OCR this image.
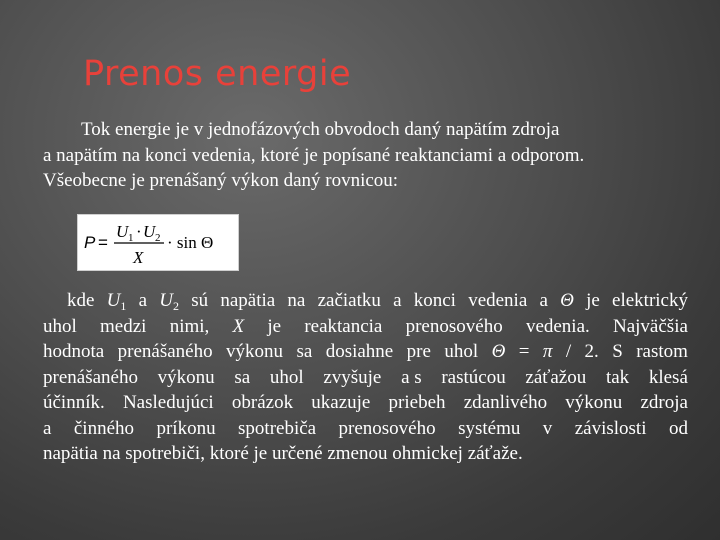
Prenos energie
Tok energie je v jednofázových obvodoch daný napätím zdroja
a napätím na konci vedenia, ktoré je popísané reaktanciami a odporom.
Všeobecne je prenášaný výkon daný rovnicou:
P =
U 1 · U 2
X
· sin Θ
kde $U_1$ a $U_2$ sú napätia na začiatku a konci vedenia a Θ je elektrický
uhol medzi nimi, X je reaktancia prenosového vedenia. Najväčšia
hodnota prenášaného výkonu sa dosiahne pre uhol Θ = π / 2. S rastom
prenášaného výkonu sa uhol zvyšuje a s rastúcou záťažou tak klesá
účinník. Nasledujúci obrázok ukazuje priebeh zdanlivého výkonu zdroja
a činného príkonu spotrebiča prenosového systému v závislosti od
napätia na spotrebiči, ktoré je určené zmenou ohmickej záťaže.
